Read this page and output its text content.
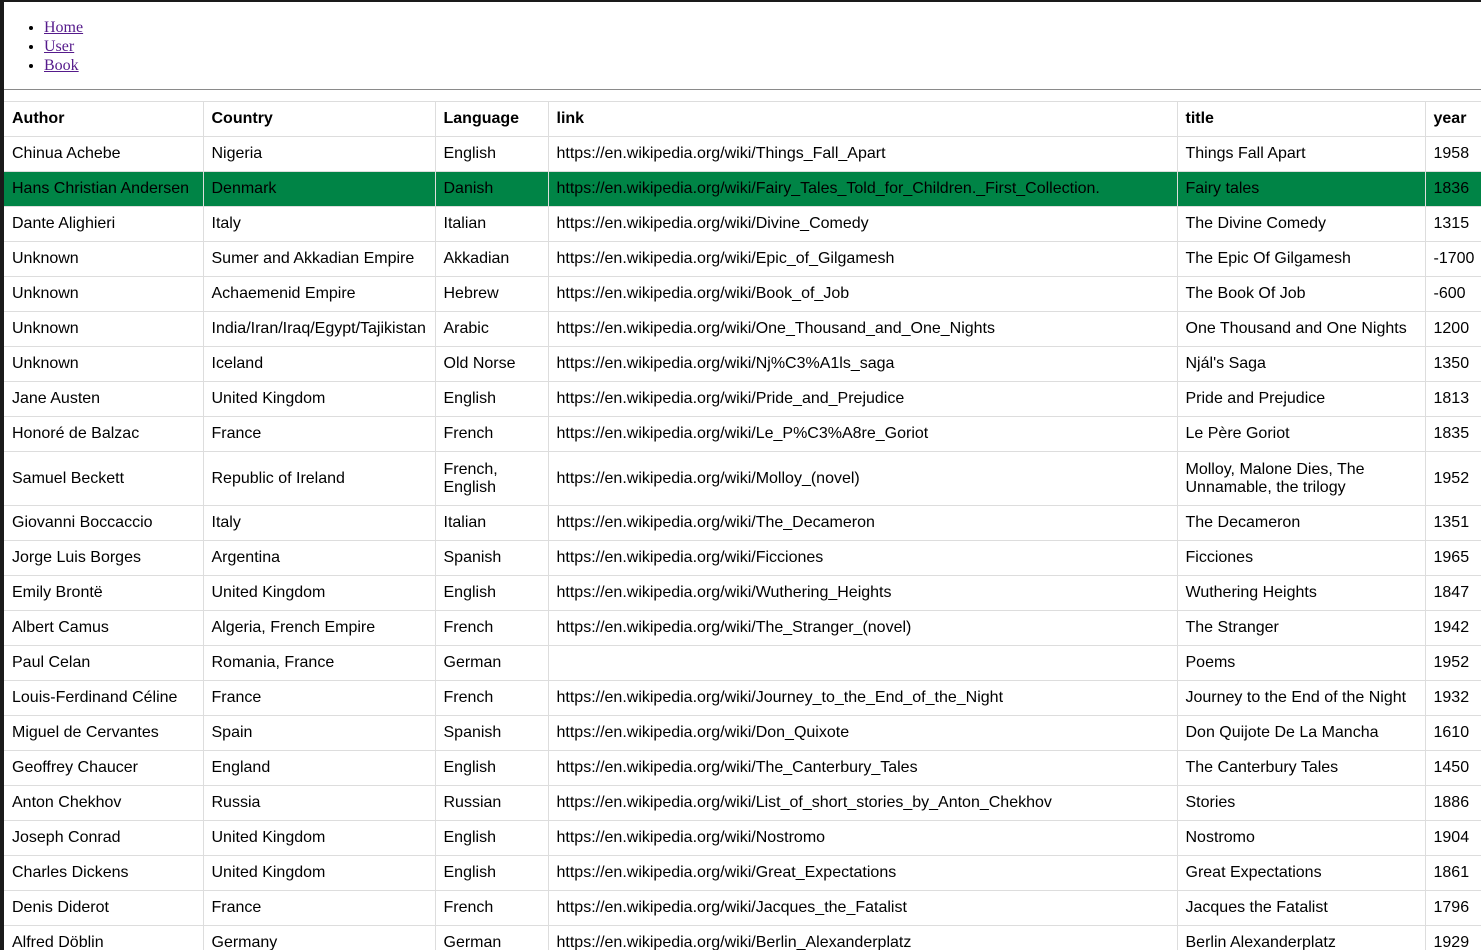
• Home
• User
• Book
Author	Country	Language	link	title	year
Chinua Achebe	Nigeria	English	https://en.wikipedia.org/wiki/Things_Fall_Apart	Things Fall Apart	1958
Hans Christian Andersen	Denmark	Danish	https://en.wikipedia.org/wiki/Fairy_Tales_Told_for_Children._First_Collection.	Fairy tales	1836
Dante Alighieri	Italy	Italian	https://en.wikipedia.org/wiki/Divine_Comedy	The Divine Comedy	1315
Unknown	Sumer and Akkadian Empire	Akkadian	https://en.wikipedia.org/wiki/Epic_of_Gilgamesh	The Epic Of Gilgamesh	-1700
Unknown	Achaemenid Empire	Hebrew	https://en.wikipedia.org/wiki/Book_of_Job	The Book Of Job	-600
Unknown	India/Iran/Iraq/Egypt/Tajikistan	Arabic	https://en.wikipedia.org/wiki/One_Thousand_and_One_Nights	One Thousand and One Nights	1200
Unknown	Iceland	Old Norse	https://en.wikipedia.org/wiki/Nj%C3%A1ls_saga	Njál's Saga	1350
Jane Austen	United Kingdom	English	https://en.wikipedia.org/wiki/Pride_and_Prejudice	Pride and Prejudice	1813
Honoré de Balzac	France	French	https://en.wikipedia.org/wiki/Le_P%C3%A8re_Goriot	Le Père Goriot	1835
Samuel Beckett	Republic of Ireland	French, English	https://en.wikipedia.org/wiki/Molloy_(novel)	Molloy, Malone Dies, The Unnamable, the trilogy	1952
Giovanni Boccaccio	Italy	Italian	https://en.wikipedia.org/wiki/The_Decameron	The Decameron	1351
Jorge Luis Borges	Argentina	Spanish	https://en.wikipedia.org/wiki/Ficciones	Ficciones	1965
Emily Brontë	United Kingdom	English	https://en.wikipedia.org/wiki/Wuthering_Heights	Wuthering Heights	1847
Albert Camus	Algeria, French Empire	French	https://en.wikipedia.org/wiki/The_Stranger_(novel)	The Stranger	1942
Paul Celan	Romania, France	German		Poems	1952
Louis-Ferdinand Céline	France	French	https://en.wikipedia.org/wiki/Journey_to_the_End_of_the_Night	Journey to the End of the Night	1932
Miguel de Cervantes	Spain	Spanish	https://en.wikipedia.org/wiki/Don_Quixote	Don Quijote De La Mancha	1610
Geoffrey Chaucer	England	English	https://en.wikipedia.org/wiki/The_Canterbury_Tales	The Canterbury Tales	1450
Anton Chekhov	Russia	Russian	https://en.wikipedia.org/wiki/List_of_short_stories_by_Anton_Chekhov	Stories	1886
Joseph Conrad	United Kingdom	English	https://en.wikipedia.org/wiki/Nostromo	Nostromo	1904
Charles Dickens	United Kingdom	English	https://en.wikipedia.org/wiki/Great_Expectations	Great Expectations	1861
Denis Diderot	France	French	https://en.wikipedia.org/wiki/Jacques_the_Fatalist	Jacques the Fatalist	1796
Alfred Döblin	Germany	German	https://en.wikipedia.org/wiki/Berlin_Alexanderplatz	Berlin Alexanderplatz	1929
